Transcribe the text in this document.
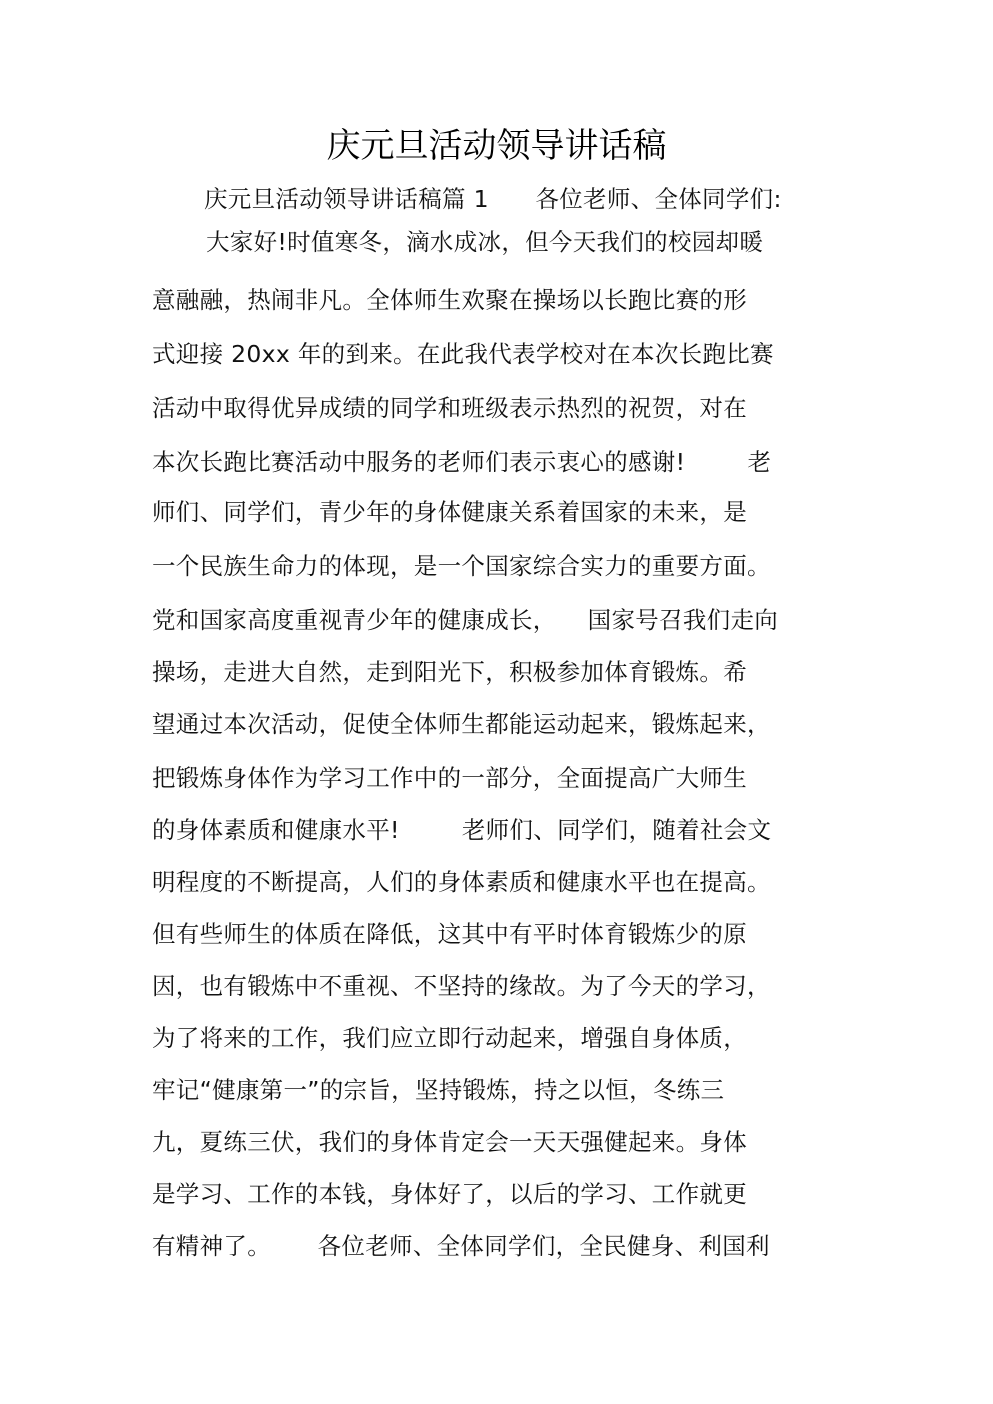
庆元旦活动领导讲话稿
庆元旦活动领导讲话稿篇 1      各位老师、全体同学们:
大家好!时值寒冬，滴水成冰，但今天我们的校园却暖
意融融，热闹非凡。全体师生欢聚在操场以长跑比赛的形
式迎接 20xx 年的到来。在此我代表学校对在本次长跑比赛
活动中取得优异成绩的同学和班级表示热烈的祝贺，对在
本次长跑比赛活动中服务的老师们表示衷心的感谢!        老
师们、同学们，青少年的身体健康关系着国家的未来，是
一个民族生命力的体现，是一个国家综合实力的重要方面。
党和国家高度重视青少年的健康成长，    国家号召我们走向
操场，走进大自然，走到阳光下，积极参加体育锻炼。希
望通过本次活动，促使全体师生都能运动起来，锻炼起来，
把锻炼身体作为学习工作中的一部分，全面提高广大师生
的身体素质和健康水平!        老师们、同学们，随着社会文
明程度的不断提高，人们的身体素质和健康水平也在提高。
但有些师生的体质在降低，这其中有平时体育锻炼少的原
因，也有锻炼中不重视、不坚持的缘故。为了今天的学习，
为了将来的工作，我们应立即行动起来，增强自身体质，
牢记“健康第一”的宗旨，坚持锻炼，持之以恒，冬练三
九，夏练三伏，我们的身体肯定会一天天强健起来。身体
是学习、工作的本钱，身体好了，以后的学习、工作就更
有精神了。      各位老师、全体同学们，全民健身、利国利
